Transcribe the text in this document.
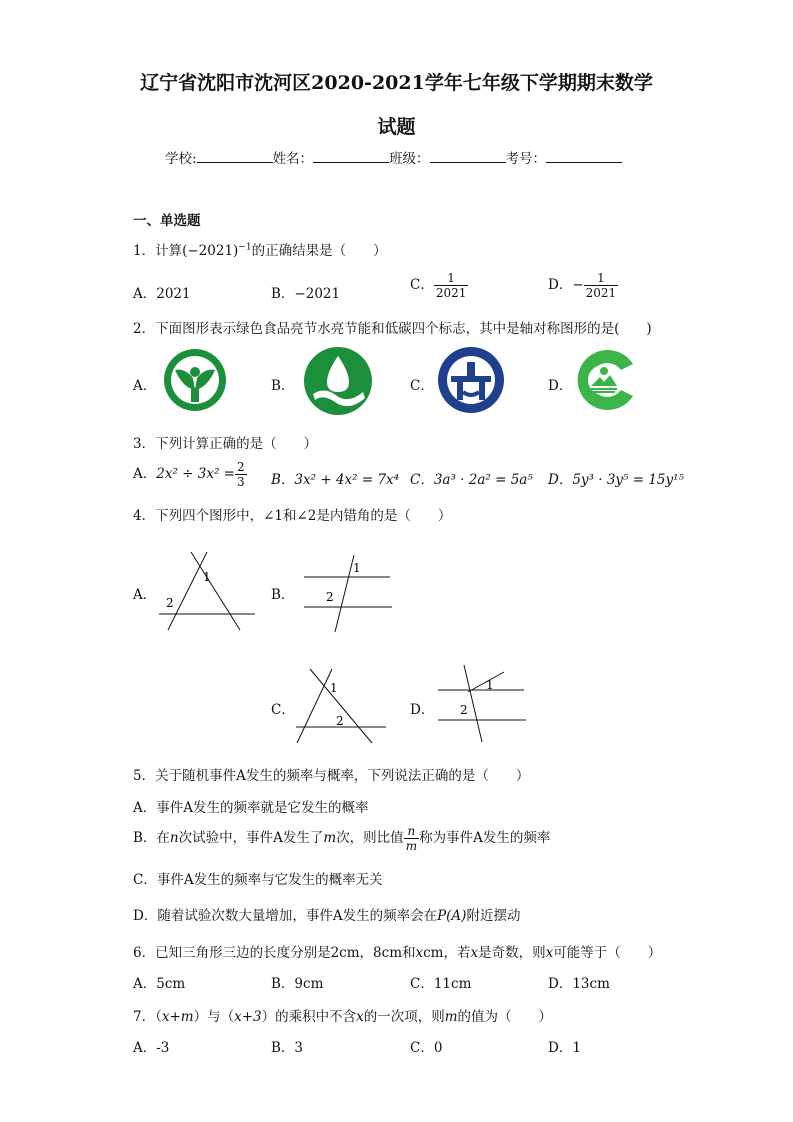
辽宁省沈阳市沈河区2020-2021学年七年级下学期期末数学
试题
学校:	姓名：	班级：	考号：
一、单选题
1．计算$(-2021)^{-1}$的正确结果是（　　）
A．2021	B．−2021
C． $\frac{1}{2021}$	D．− $\frac{1}{2021}$
2．下面图形表示绿色食品亮节水亮节能和低碳四个标志，其中是轴对称图形的是(　　)
A．	B．	C．	D．
3．下列计算正确的是（　　）
A．$2x^2 \div 3x^2 = \frac{2}{3}$ B．3x² + 4x² = 7x⁴ C．3a³ · 2a² = 5a⁵ D．5y³ · 3y⁵ = 15y¹⁵
4．下列四个图形中，∠1和∠2是内错角的是（　　）
A．	B．
C．	D．
1
2
1
2
1
2
1
2
5．关于随机事件A发生的频率与概率，下列说法正确的是（　　）
A．事件A发生的频率就是它发生的概率
B．在n次试验中，事件A发生了m次，则比值 $\frac{n}{m}$ 称为事件A发生的频率
C．事件A发生的频率与它发生的概率无关
D．随着试验次数大量增加，事件A发生的频率会在P(A)附近摆动
6．已知三角形三边的长度分别是2cm，8cm和xcm，若x是奇数，则x可能等于（　　）
A．5cm	B．9cm	C．11cm	D．13cm
7．（x+m）与（x+3）的乘积中不含x的一次项，则m的值为（　　）
A．-3	B．3	C．0	D．1
